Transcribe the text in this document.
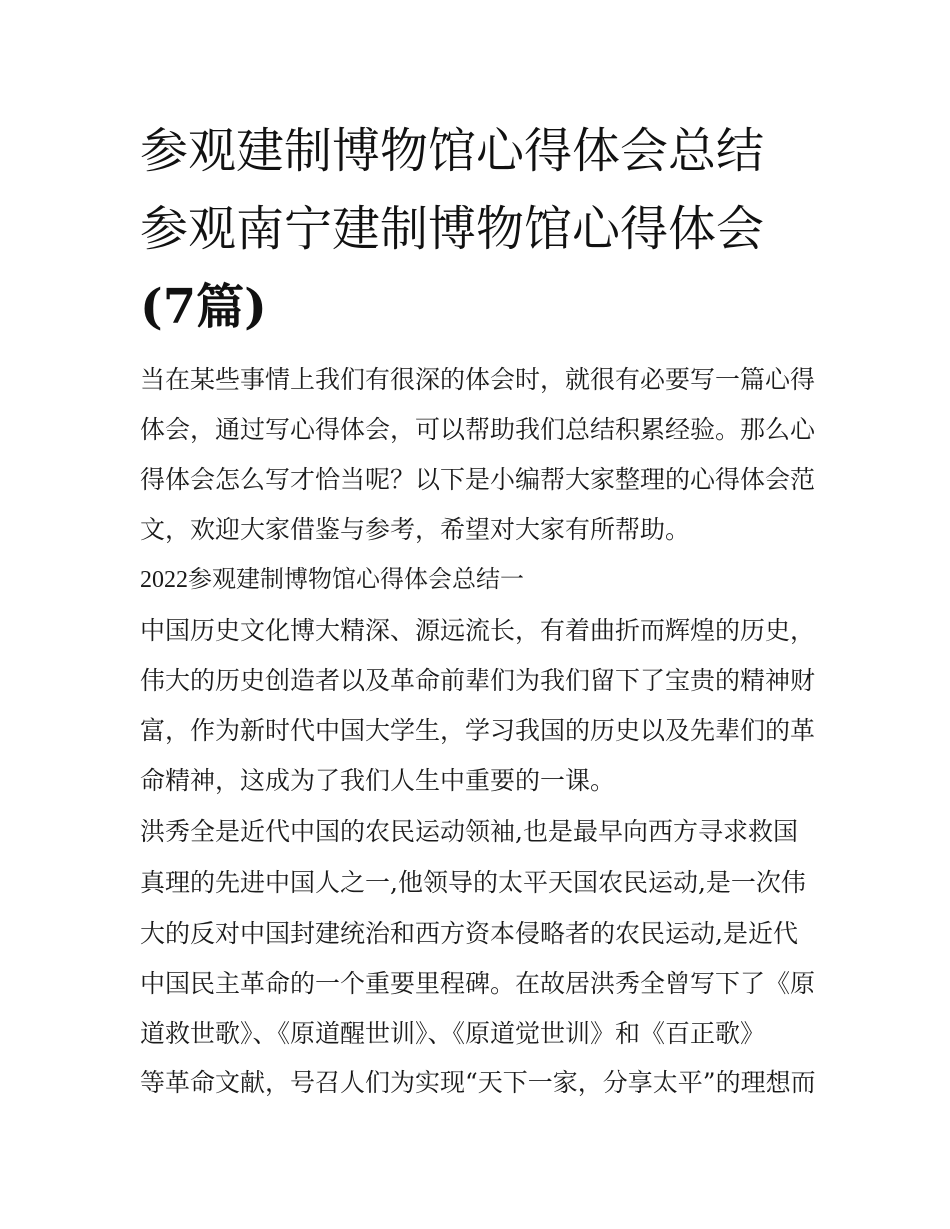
参观建制博物馆心得体会总结
参观南宁建制博物馆心得体会
(7篇)

当在某些事情上我们有很深的体会时，就很有必要写一篇心得

体会，通过写心得体会，可以帮助我们总结积累经验。那么心

得体会怎么写才恰当呢？以下是小编帮大家整理的心得体会范

文，欢迎大家借鉴与参考，希望对大家有所帮助。

2022参观建制博物馆心得体会总结一

中国历史文化博大精深、源远流长，有着曲折而辉煌的历史，

伟大的历史创造者以及革命前辈们为我们留下了宝贵的精神财

富，作为新时代中国大学生，学习我国的历史以及先辈们的革

命精神，这成为了我们人生中重要的一课。

洪秀全是近代中国的农民运动领袖,也是最早向西方寻求救国

真理的先进中国人之一,他领导的太平天国农民运动,是一次伟

大的反对中国封建统治和西方资本侵略者的农民运动,是近代

中国民主革命的一个重要里程碑。在故居洪秀全曾写下了《原

道救世歌》、《原道醒世训》、《原道觉世训》和《百正歌》

等革命文献，号召人们为实现“天下一家，分享太平”的理想而
